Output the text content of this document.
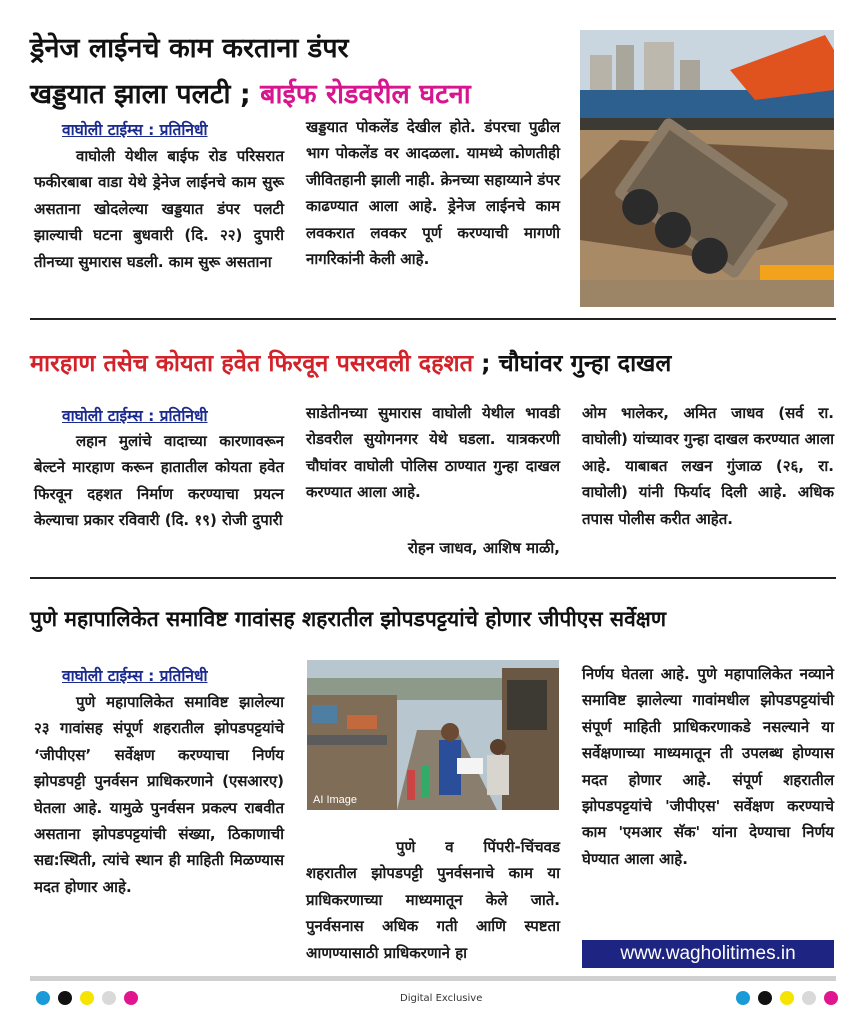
ड्रेनेज लाईनचे काम करताना डंपर
खड्डयात झाला पलटी ; बाईफ रोडवरील घटना
वाघोली टाईम्स : प्रतिनिधी
वाघोली येथील बाईफ रोड परिसरात फकीरबाबा वाडा येथे ड्रेनेज लाईनचे काम सुरू असताना खोदलेल्या खड्डयात डंपर पलटी झाल्याची घटना बुधवारी (दि. २२) दुपारी तीनच्या सुमारास घडली. काम सुरू असताना
खड्डयात पोकलेंड देखील होते. डंपरचा पुढील भाग पोकलेंड वर आदळला. यामध्ये कोणतीही जीवितहानी झाली नाही. क्रेनच्या सहाय्याने डंपर काढण्यात आला आहे. ड्रेनेज लाईनचे काम लवकरात लवकर पूर्ण करण्याची मागणी नागरिकांनी केली आहे.
मारहाण तसेच कोयता हवेत फिरवून पसरवली दहशत ; चौघांवर गुन्हा दाखल
वाघोली टाईम्स : प्रतिनिधी
लहान मुलांचे वादाच्या कारणावरून बेल्टने मारहाण करून हातातील कोयता हवेत फिरवून दहशत निर्माण करण्याचा प्रयत्न केल्याचा प्रकार रविवारी (दि. १९) रोजी दुपारी
साडेतीनच्या सुमारास वाघोली येथील भावडी रोडवरील सुयोगनगर येथे घडला. यात्रकरणी चौघांवर वाघोली पोलिस ठाण्यात गुन्हा दाखल करण्यात आला आहे.
रोहन जाधव, आशिष माळी,
ओम भालेकर, अमित जाधव (सर्व रा. वाघोली) यांच्यावर गुन्हा दाखल करण्यात आला आहे. याबाबत लखन गुंजाळ (२६, रा. वाघोली) यांनी फिर्याद दिली आहे. अधिक तपास पोलीस करीत आहेत.
पुणे महापालिकेत समाविष्ट गावांसह शहरातील झोपडपट्टयांचे होणार जीपीएस सर्वेक्षण
वाघोली टाईम्स : प्रतिनिधी
पुणे महापालिकेत समाविष्ट झालेल्या २३ गावांसह संपूर्ण शहरातील झोपडपट्टयांचे ‘जीपीएस’ सर्वेक्षण करण्याचा निर्णय झोपडपट्टी पुनर्वसन प्राधिकरणाने (एसआरए) घेतला आहे. यामुळे पुनर्वसन प्रकल्प राबवीत असताना झोपडपट्टयांची संख्या, ठिकाणाची सद्य:स्थिती, त्यांचे स्थान ही माहिती मिळण्यास मदत होणार आहे.
AI Image
पुणे व पिंपरी-चिंचवड शहरातील झोपडपट्टी पुनर्वसनाचे काम या प्राधिकरणाच्या माध्यमातून केले जाते. पुनर्वसनास अधिक गती आणि स्पष्टता आणण्यासाठी प्राधिकरणाने हा
निर्णय घेतला आहे. पुणे महापालिकेत नव्याने समाविष्ट झालेल्या गावांमधील झोपडपट्टयांची संपूर्ण माहिती प्राधिकरणाकडे नसल्याने या सर्वेक्षणाच्या माध्यमातून ती उपलब्ध होण्यास मदत होणार आहे. संपूर्ण शहरातील झोपडपट्टयांचे 'जीपीएस' सर्वेक्षण करण्याचे काम 'एमआर सॅक' यांना देण्याचा निर्णय घेण्यात आला आहे.
www.wagholitimes.in
Digital Exclusive
